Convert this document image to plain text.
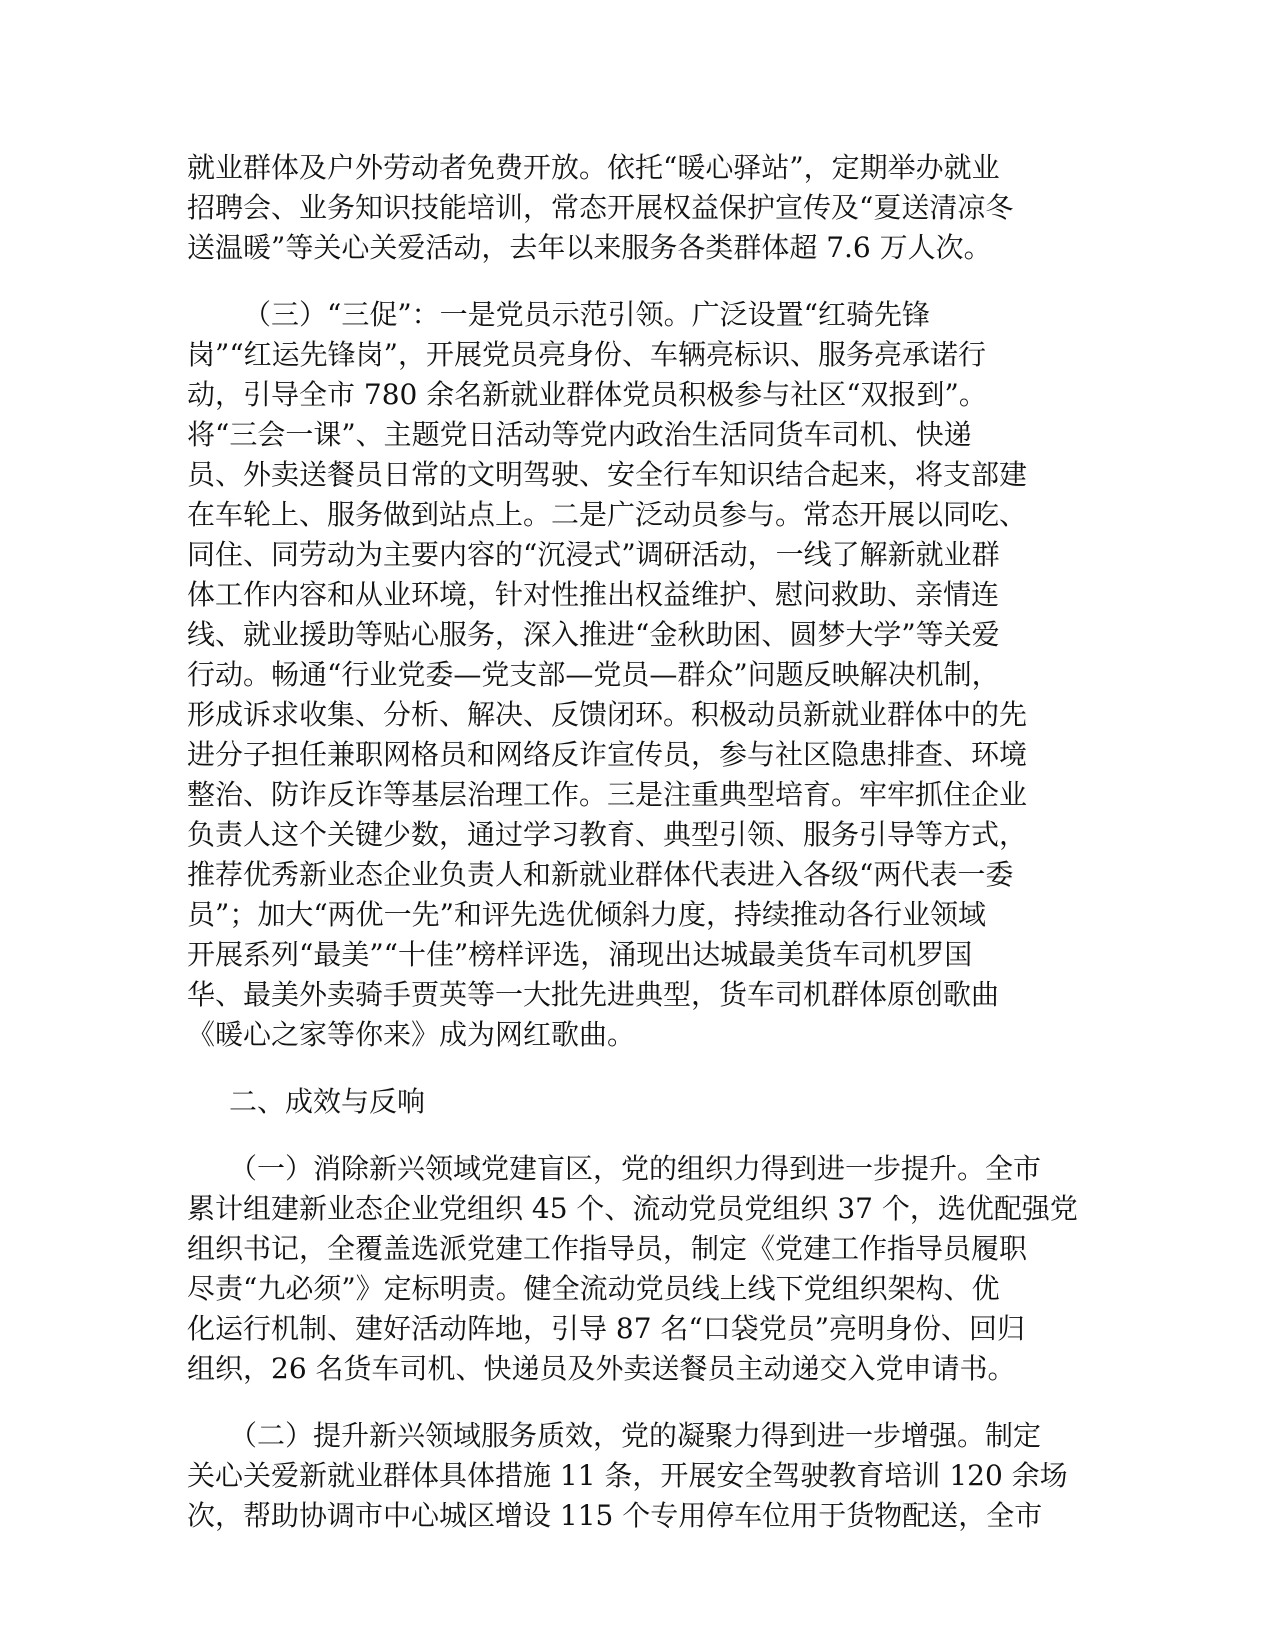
就业群体及户外劳动者免费开放。依托“暖心驿站”，定期举办就业
招聘会、业务知识技能培训，常态开展权益保护宣传及“夏送清凉冬
送温暖”等关心关爱活动，去年以来服务各类群体超 7.6 万人次。

（三）“三促”：一是党员示范引领。广泛设置“红骑先锋
岗”“红运先锋岗”，开展党员亮身份、车辆亮标识、服务亮承诺行
动，引导全市 780 余名新就业群体党员积极参与社区“双报到”。
将“三会一课”、主题党日活动等党内政治生活同货车司机、快递
员、外卖送餐员日常的文明驾驶、安全行车知识结合起来，将支部建
在车轮上、服务做到站点上。二是广泛动员参与。常态开展以同吃、
同住、同劳动为主要内容的“沉浸式”调研活动，一线了解新就业群
体工作内容和从业环境，针对性推出权益维护、慰问救助、亲情连
线、就业援助等贴心服务，深入推进“金秋助困、圆梦大学”等关爱
行动。畅通“行业党委—党支部—党员—群众”问题反映解决机制，
形成诉求收集、分析、解决、反馈闭环。积极动员新就业群体中的先
进分子担任兼职网格员和网络反诈宣传员，参与社区隐患排查、环境
整治、防诈反诈等基层治理工作。三是注重典型培育。牢牢抓住企业
负责人这个关键少数，通过学习教育、典型引领、服务引导等方式，
推荐优秀新业态企业负责人和新就业群体代表进入各级“两代表一委
员”；加大“两优一先”和评先选优倾斜力度，持续推动各行业领域
开展系列“最美”“十佳”榜样评选，涌现出达城最美货车司机罗国
华、最美外卖骑手贾英等一大批先进典型，货车司机群体原创歌曲
《暖心之家等你来》成为网红歌曲。

二、成效与反响

（一）消除新兴领域党建盲区，党的组织力得到进一步提升。全市
累计组建新业态企业党组织 45 个、流动党员党组织 37 个，选优配强党
组织书记，全覆盖选派党建工作指导员，制定《党建工作指导员履职
尽责“九必须”》定标明责。健全流动党员线上线下党组织架构、优
化运行机制、建好活动阵地，引导 87 名“口袋党员”亮明身份、回归
组织，26 名货车司机、快递员及外卖送餐员主动递交入党申请书。

（二）提升新兴领域服务质效，党的凝聚力得到进一步增强。制定
关心关爱新就业群体具体措施 11 条，开展安全驾驶教育培训 120 余场
次，帮助协调市中心城区增设 115 个专用停车位用于货物配送，全市
